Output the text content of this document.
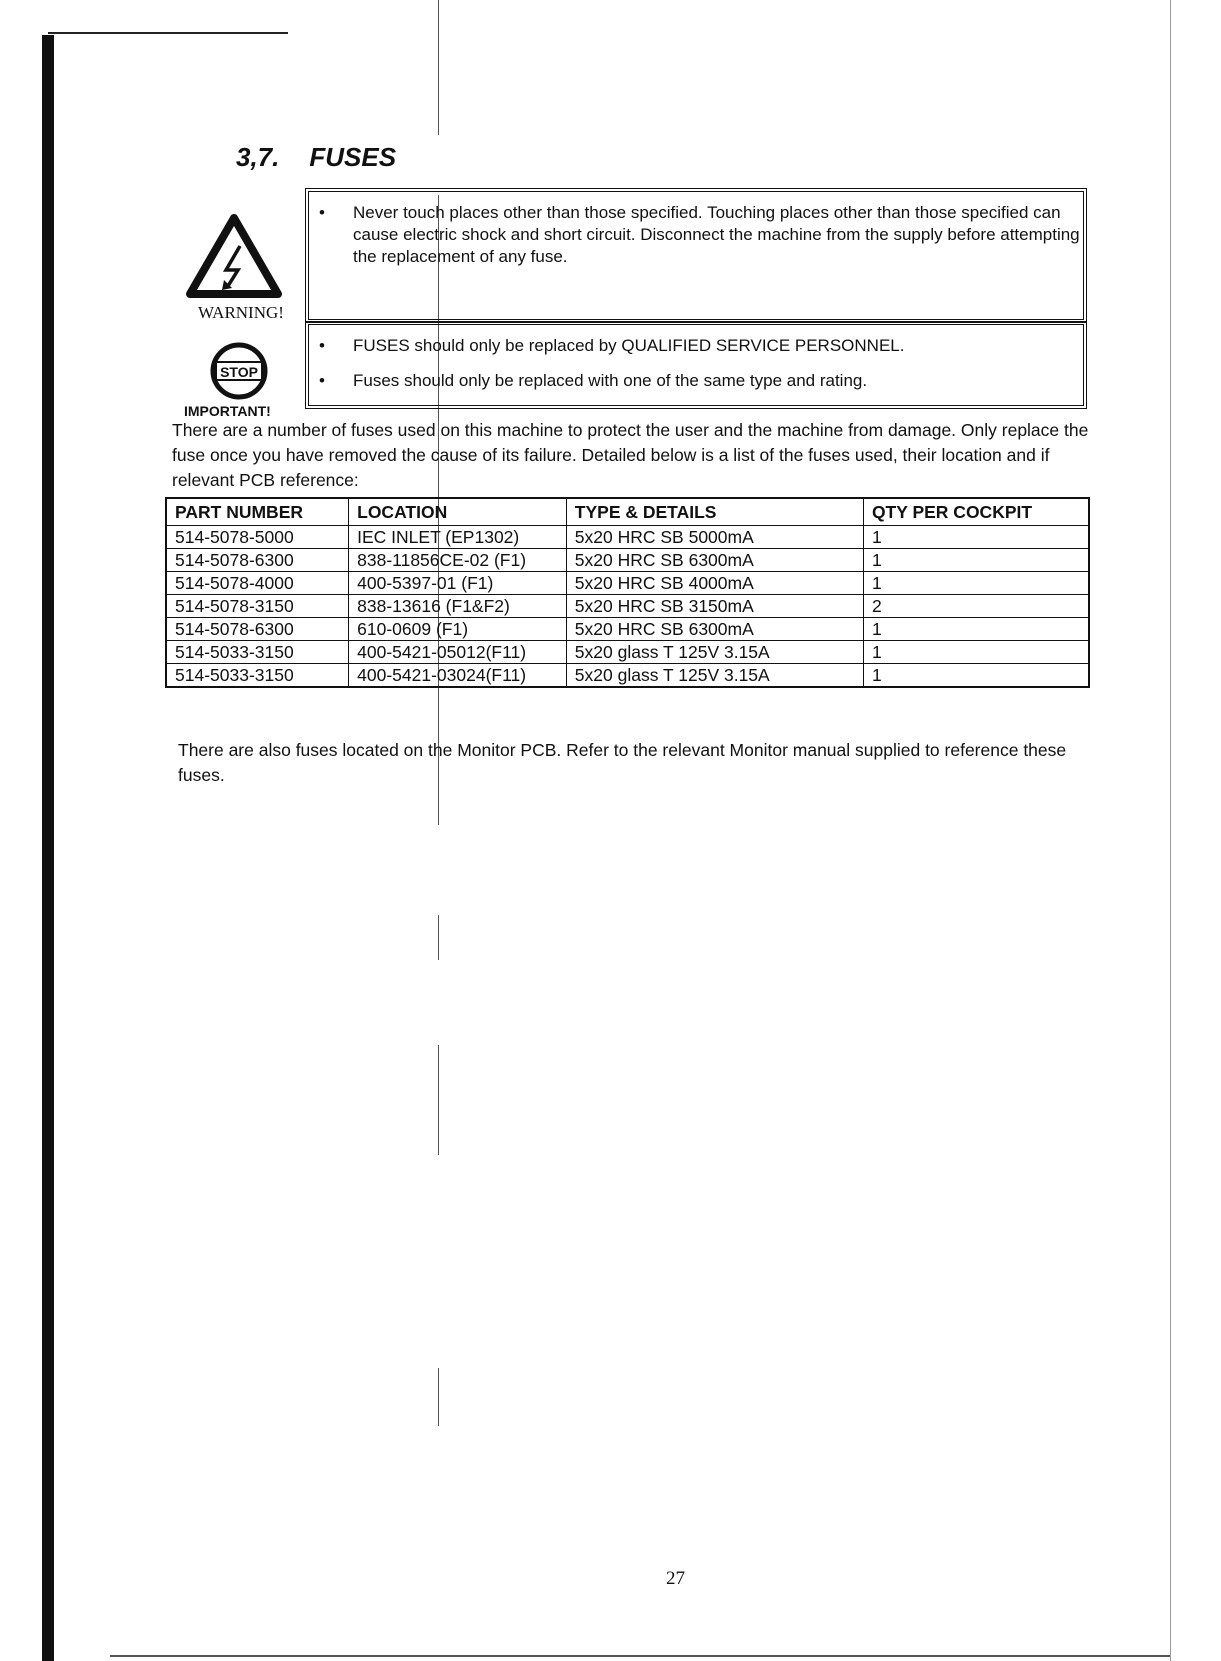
3,7. FUSES
WARNING!
STOP
IMPORTANT!
• Never touch places other than those specified. Touching places other than those specified can cause electric shock and short circuit. Disconnect the machine from the supply before attempting the replacement of any fuse.
• FUSES should only be replaced by QUALIFIED SERVICE PERSONNEL.
• Fuses should only be replaced with one of the same type and rating.
There are a number of fuses used on this machine to protect the user and the machine from damage. Only replace the fuse once you have removed the cause of its failure. Detailed below is a list of the fuses used, their location and if relevant PCB reference:
PART NUMBER	LOCATION	TYPE & DETAILS	QTY PER COCKPIT
514-5078-5000	IEC INLET (EP1302)	5x20 HRC SB 5000mA	1
514-5078-6300	838-11856CE-02 (F1)	5x20 HRC SB 6300mA	1
514-5078-4000	400-5397-01 (F1)	5x20 HRC SB 4000mA	1
514-5078-3150	838-13616 (F1&F2)	5x20 HRC SB 3150mA	2
514-5078-6300	610-0609 (F1)	5x20 HRC SB 6300mA	1
514-5033-3150	400-5421-05012(F11)	5x20 glass T 125V 3.15A	1
514-5033-3150	400-5421-03024(F11)	5x20 glass T 125V 3.15A	1
There are also fuses located on the Monitor PCB. Refer to the relevant Monitor manual supplied to reference these fuses.
27
